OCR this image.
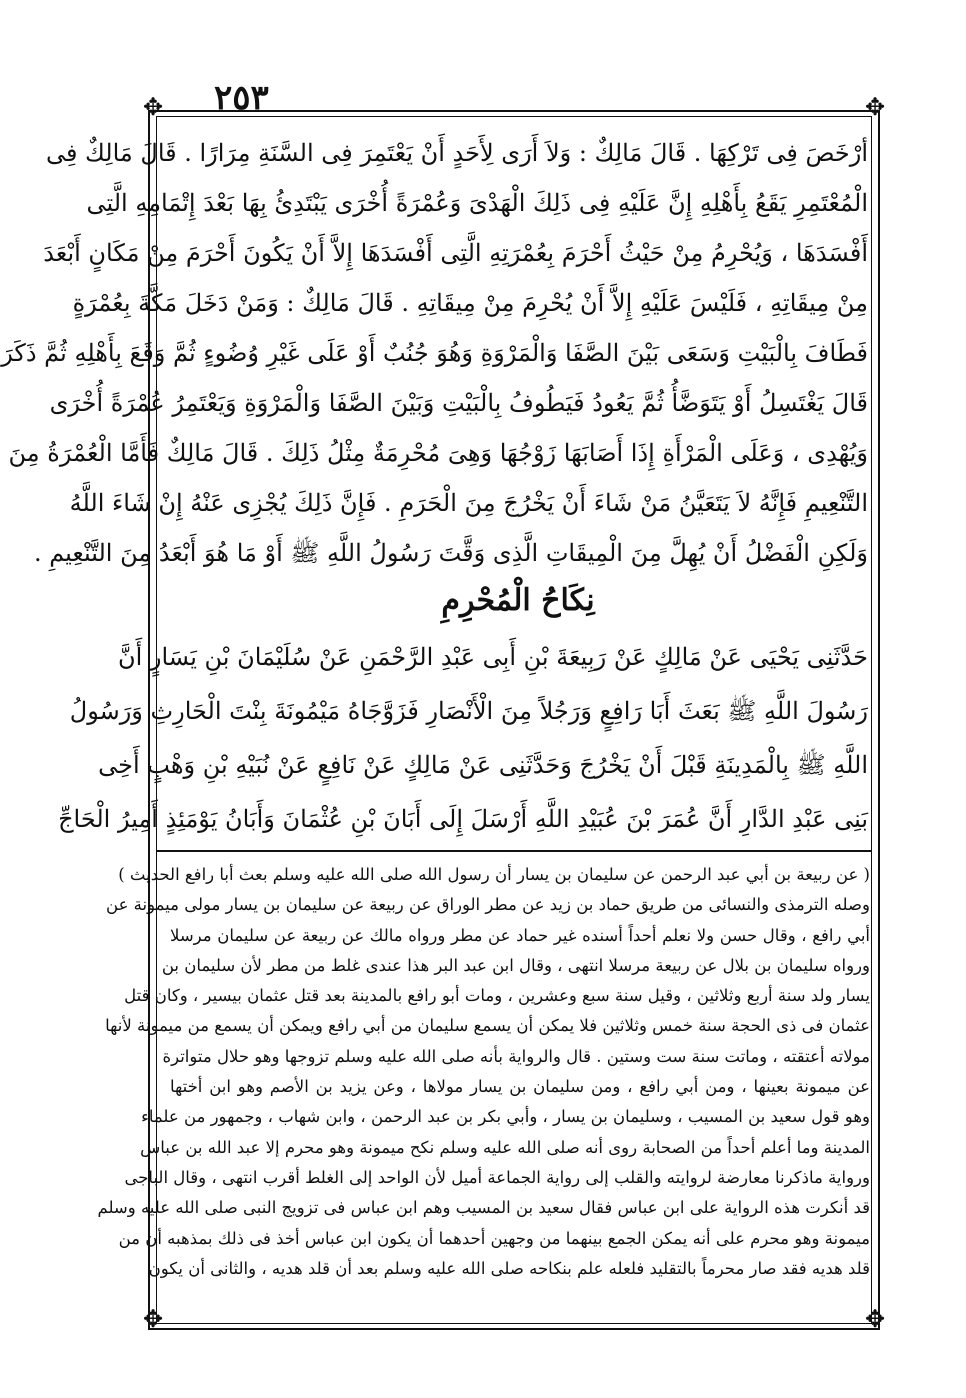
٢٥٣
✥	✥
✥	✥
أرْخَصَ فِى تَرْكِهَا . قَالَ مَالِكٌ : وَلاَ أَرَى لِأَحَدٍ أَنْ يَعْتَمِرَ فِى السَّنَةِ مِرَارًا . قَالَ مَالِكٌ فِى
الْمُعْتَمِرِ يَقَعُ بِأَهْلِهِ إِنَّ عَلَيْهِ فِى ذَلِكَ الْهَدْىَ وَعُمْرَةً أُخْرَى يَبْتَدِئُ بِهَا بَعْدَ إِتْمَامِهِ الَّتِى
أَفْسَدَهَا ، وَيُحْرِمُ مِنْ حَيْثُ أَحْرَمَ بِعُمْرَتِهِ الَّتِى أَفْسَدَهَا إِلاَّ أَنْ يَكُونَ أَحْرَمَ مِنْ مَكَانٍ أَبْعَدَ
مِنْ مِيقَاتِهِ ، فَلَيْسَ عَلَيْهِ إِلاَّ أَنْ يُحْرِمَ مِنْ مِيقَاتِهِ . قَالَ مَالِكٌ : وَمَنْ دَخَلَ مَكَّةَ بِعُمْرَةٍ
فَطَافَ بِالْبَيْتِ وَسَعَى بَيْنَ الصَّفَا وَالْمَرْوَةِ وَهُوَ جُنُبٌ أَوْ عَلَى غَيْرِ وُضُوءٍ ثُمَّ وَقَعَ بِأَهْلِهِ ثُمَّ ذَكَرَ
قَالَ يَغْتَسِلُ أَوْ يَتَوَضَّأُ ثُمَّ يَعُودُ فَيَطُوفُ بِالْبَيْتِ وَبَيْنَ الصَّفَا وَالْمَرْوَةِ وَيَعْتَمِرُ عُمْرَةً أُخْرَى
وَيُهْدِى ، وَعَلَى الْمَرْأَةِ إِذَا أَصَابَهَا زَوْجُهَا وَهِىَ مُحْرِمَةٌ مِثْلُ ذَلِكَ . قَالَ مَالِكٌ فَأَمَّا الْعُمْرَةُ مِنَ
التَّنْعِيمِ فَإِنَّهُ لاَ يَتَعَيَّنُ مَنْ شَاءَ أَنْ يَخْرُجَ مِنَ الْحَرَمِ . فَإِنَّ ذَلِكَ يُجْزِى عَنْهُ إِنْ شَاءَ اللَّهُ
وَلَكِنِ الْفَضْلُ أَنْ يُهِلَّ مِنَ الْمِيقَاتِ الَّذِى وَقَّتَ رَسُولُ اللَّهِ ﷺ أَوْ مَا هُوَ أَبْعَدُ مِنَ التَّنْعِيمِ .
نِكَاحُ الْمُحْرِمِ
حَدَّثَنِى يَحْيَى عَنْ مَالِكٍ عَنْ رَبِيعَةَ بْنِ أَبِى عَبْدِ الرَّحْمَنِ عَنْ سُلَيْمَانَ بْنِ يَسَارٍ أَنَّ
رَسُولَ اللَّهِ ﷺ بَعَثَ أَبَا رَافِعٍ وَرَجُلاً مِنَ الْأَنْصَارِ فَزَوَّجَاهُ مَيْمُونَةَ بِنْتَ الْحَارِثِ وَرَسُولُ
اللَّهِ ﷺ بِالْمَدِينَةِ قَبْلَ أَنْ يَخْرُجَ وَحَدَّثَنِى عَنْ مَالِكٍ عَنْ نَافِعٍ عَنْ نُبَيْهِ بْنِ وَهْبٍ أَخِى
بَنِى عَبْدِ الدَّارِ أَنَّ عُمَرَ بْنَ عُبَيْدِ اللَّهِ أَرْسَلَ إِلَى أَبَانَ بْنِ عُثْمَانَ وَأَبَانُ يَوْمَئِذٍ أَمِيرُ الْحَاجِّ
( عن ربيعة بن أبي عبد الرحمن عن سليمان بن يسار أن رسول الله صلى الله عليه وسلم بعث أبا رافع الحديث )
وصله الترمذى والنسائى من طريق حماد بن زيد عن مطر الوراق عن ربيعة عن سليمان بن يسار مولى ميمونة عن
أبي رافع ، وقال حسن ولا نعلم أحداً أسنده غير حماد عن مطر ورواه مالك عن ربيعة عن سليمان مرسلا
ورواه سليمان بن بلال عن ربيعة مرسلا انتهى ، وقال ابن عبد البر هذا عندى غلط من مطر لأن سليمان بن
يسار ولد سنة أربع وثلاثين ، وقيل سنة سبع وعشرين ، ومات أبو رافع بالمدينة بعد قتل عثمان بيسير ، وكان قتل
عثمان فى ذى الحجة سنة خمس وثلاثين فلا يمكن أن يسمع سليمان من أبي رافع ويمكن أن يسمع من ميمونة لأنها
مولاته أعتقته ، وماتت سنة ست وستين . قال والرواية بأنه صلى الله عليه وسلم تزوجها وهو حلال متواترة
عن ميمونة بعينها ، ومن أبي رافع ، ومن سليمان بن يسار مولاها ، وعن يزيد بن الأصم وهو ابن أختها
وهو قول سعيد بن المسيب ، وسليمان بن يسار ، وأبي بكر بن عبد الرحمن ، وابن شهاب ، وجمهور من علماء
المدينة وما أعلم أحداً من الصحابة روى أنه صلى الله عليه وسلم نكح ميمونة وهو محرم إلا عبد الله بن عباس
ورواية ماذكرنا معارضة لروايته والقلب إلى رواية الجماعة أميل لأن الواحد إلى الغلط أقرب انتهى ، وقال الباجى
قد أنكرت هذه الرواية على ابن عباس فقال سعيد بن المسيب وهم ابن عباس فى تزويج النبى صلى الله عليه وسلم
ميمونة وهو محرم على أنه يمكن الجمع بينهما من وجهين أحدهما أن يكون ابن عباس أخذ فى ذلك بمذهبه أن من
قلد هديه فقد صار محرماً بالتقليد فلعله علم بنكاحه صلى الله عليه وسلم بعد أن قلد هديه ، والثانى أن يكون
